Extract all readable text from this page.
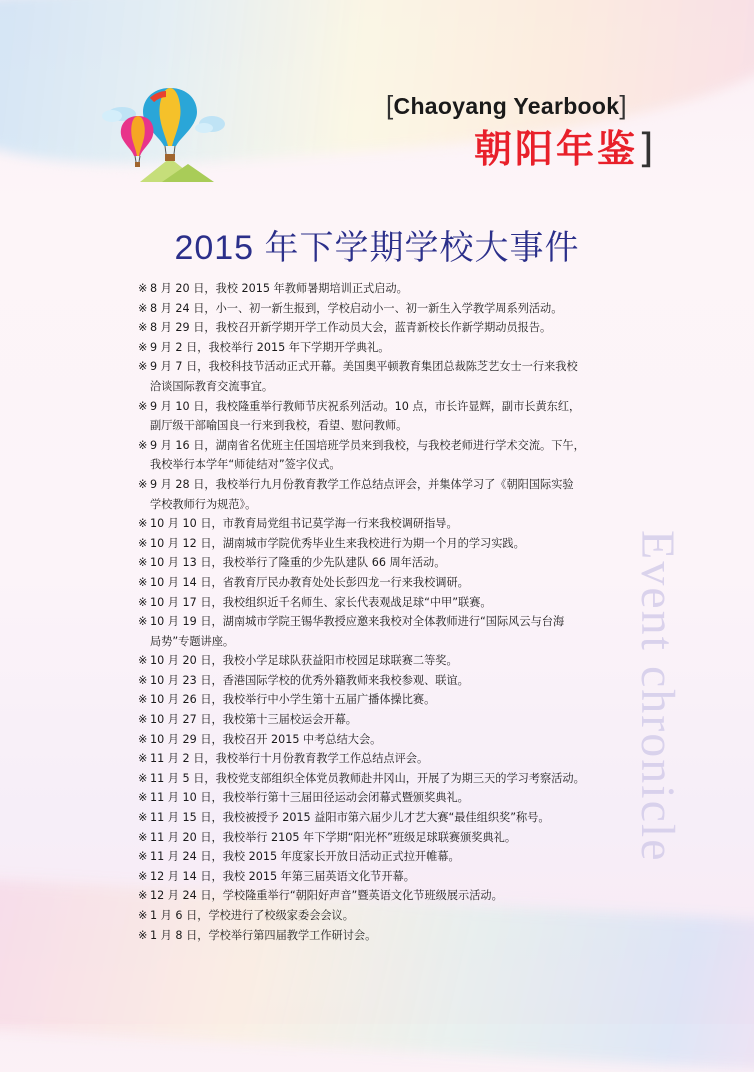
[Chaoyang Yearbook]
朝阳年鉴]
2015 年下学期学校大事件
Event chronicle
※ 8 月 20 日，我校 2015 年教师暑期培训正式启动。
※ 8 月 24 日，小一、初一新生报到，学校启动小一、初一新生入学教学周系列活动。
※ 8 月 29 日，我校召开新学期开学工作动员大会，蓝青新校长作新学期动员报告。
※ 9 月 2 日，我校举行 2015 年下学期开学典礼。
※ 9 月 7 日，我校科技节活动正式开幕。美国奥平顿教育集团总裁陈芝艺女士一行来我校
洽谈国际教育交流事宜。
※ 9 月 10 日，我校隆重举行教师节庆祝系列活动。10 点，市长许显辉，副市长黄东红，
副厅级干部喻国良一行来到我校，看望、慰问教师。
※ 9 月 16 日，湖南省名优班主任国培班学员来到我校，与我校老师进行学术交流。下午，
我校举行本学年“师徒结对”签字仪式。
※ 9 月 28 日，我校举行九月份教育教学工作总结点评会，并集体学习了《朝阳国际实验
学校教师行为规范》。
※ 10 月 10 日，市教育局党组书记莫学海一行来我校调研指导。
※ 10 月 12 日，湖南城市学院优秀毕业生来我校进行为期一个月的学习实践。
※ 10 月 13 日，我校举行了隆重的少先队建队 66 周年活动。
※ 10 月 14 日，省教育厅民办教育处处长彭四龙一行来我校调研。
※ 10 月 17 日，我校组织近千名师生、家长代表观战足球“中甲”联赛。
※ 10 月 19 日，湖南城市学院王锡华教授应邀来我校对全体教师进行“国际风云与台海
局势”专题讲座。
※ 10 月 20 日，我校小学足球队获益阳市校园足球联赛二等奖。
※ 10 月 23 日，香港国际学校的优秀外籍教师来我校参观、联谊。
※ 10 月 26 日，我校举行中小学生第十五届广播体操比赛。
※ 10 月 27 日，我校第十三届校运会开幕。
※ 10 月 29 日，我校召开 2015 中考总结大会。
※ 11 月 2 日，我校举行十月份教育教学工作总结点评会。
※ 11 月 5 日，我校党支部组织全体党员教师赴井冈山，开展了为期三天的学习考察活动。
※ 11 月 10 日，我校举行第十三届田径运动会闭幕式暨颁奖典礼。
※ 11 月 15 日，我校被授予 2015 益阳市第六届少儿才艺大赛“最佳组织奖”称号。
※ 11 月 20 日，我校举行 2105 年下学期“阳光杯”班级足球联赛颁奖典礼。
※ 11 月 24 日，我校 2015 年度家长开放日活动正式拉开帷幕。
※ 12 月 14 日，我校 2015 年第三届英语文化节开幕。
※ 12 月 24 日，学校隆重举行“朝阳好声音”暨英语文化节班级展示活动。
※ 1 月 6 日，学校进行了校级家委会会议。
※ 1 月 8 日，学校举行第四届教学工作研讨会。
